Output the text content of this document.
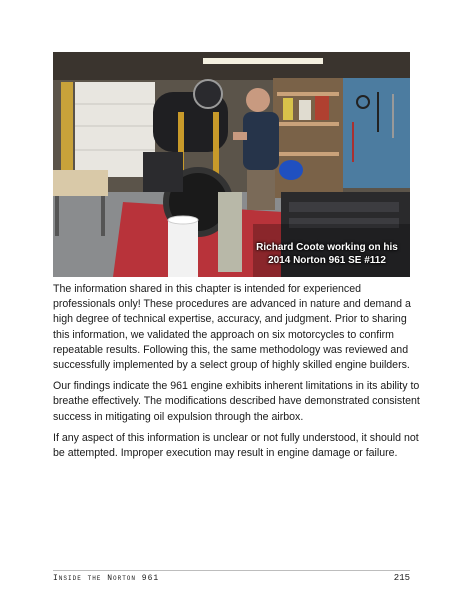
Richard Coote working on his
2014 Norton 961 SE #112

The information shared in this chapter is intended for experienced professionals only! These procedures are advanced in nature and demand a high degree of technical expertise, accuracy, and judgment. Prior to sharing this information, we validated the approach on six motorcycles to confirm repeatable results. Following this, the same methodology was reviewed and successfully implemented by a select group of highly skilled engine builders.

Our findings indicate the 961 engine exhibits inherent limitations in its ability to breathe effectively. The modifications described have demonstrated consistent success in mitigating oil expulsion through the airbox.

If any aspect of this information is unclear or not fully understood, it should not be attempted. Improper execution may result in engine damage or failure.

Inside the Norton 961	215
